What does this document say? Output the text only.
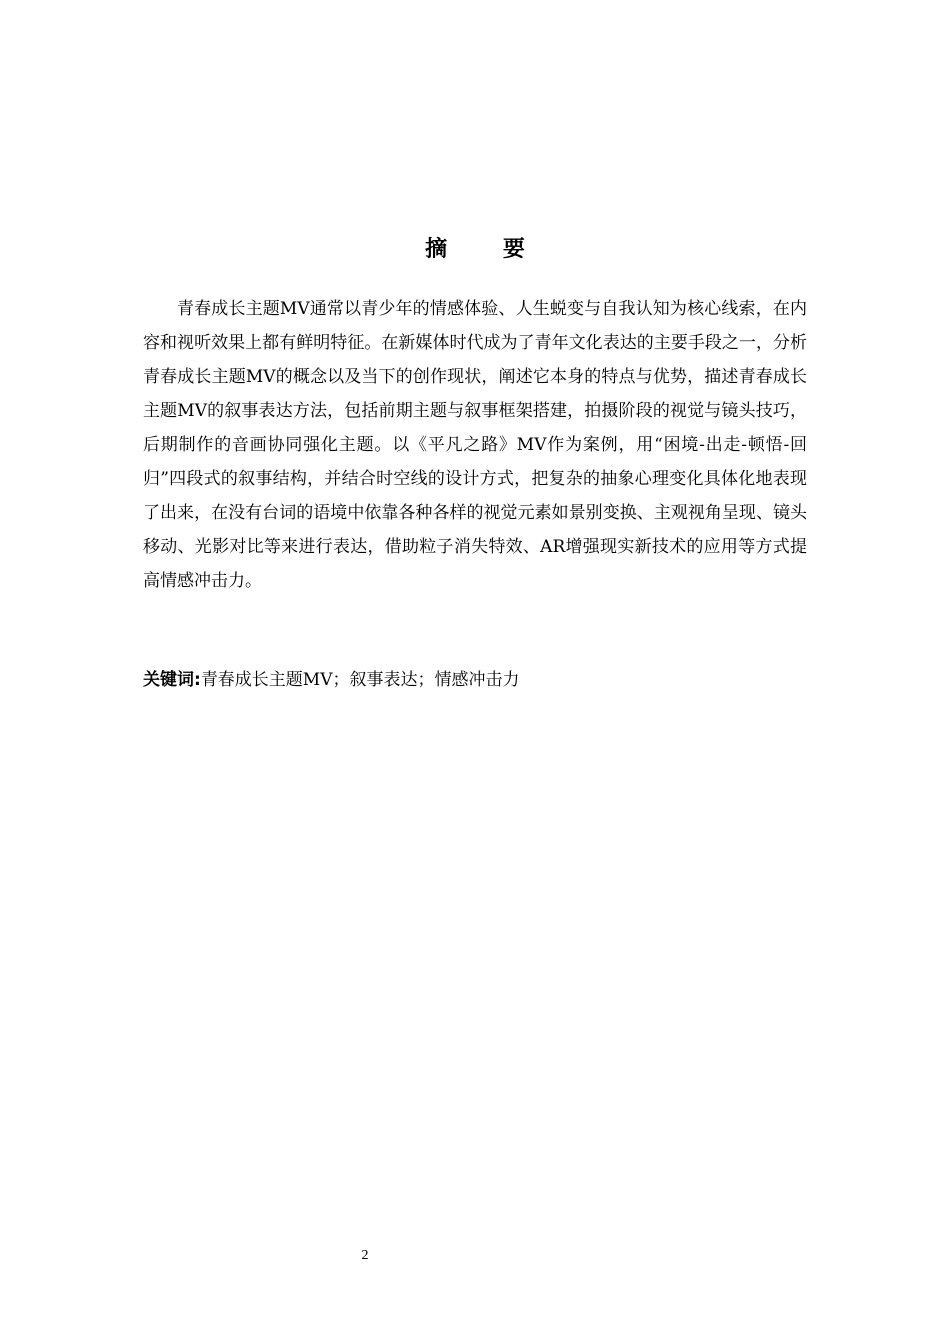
摘 要

青春成长主题MV通常以青少年的情感体验、人生蜕变与自我认知为核心线索，在内容和视听效果上都有鲜明特征。在新媒体时代成为了青年文化表达的主要手段之一，分析青春成长主题MV的概念以及当下的创作现状，阐述它本身的特点与优势，描述青春成长主题MV的叙事表达方法，包括前期主题与叙事框架搭建，拍摄阶段的视觉与镜头技巧，后期制作的音画协同强化主题。以《平凡之路》MV作为案例，用“困境-出走-顿悟-回归”四段式的叙事结构，并结合时空线的设计方式，把复杂的抽象心理变化具体化地表现了出来，在没有台词的语境中依靠各种各样的视觉元素如景别变换、主观视角呈现、镜头移动、光影对比等来进行表达，借助粒子消失特效、AR增强现实新技术的应用等方式提高情感冲击力。

关键词:青春成长主题MV；叙事表达；情感冲击力

2
